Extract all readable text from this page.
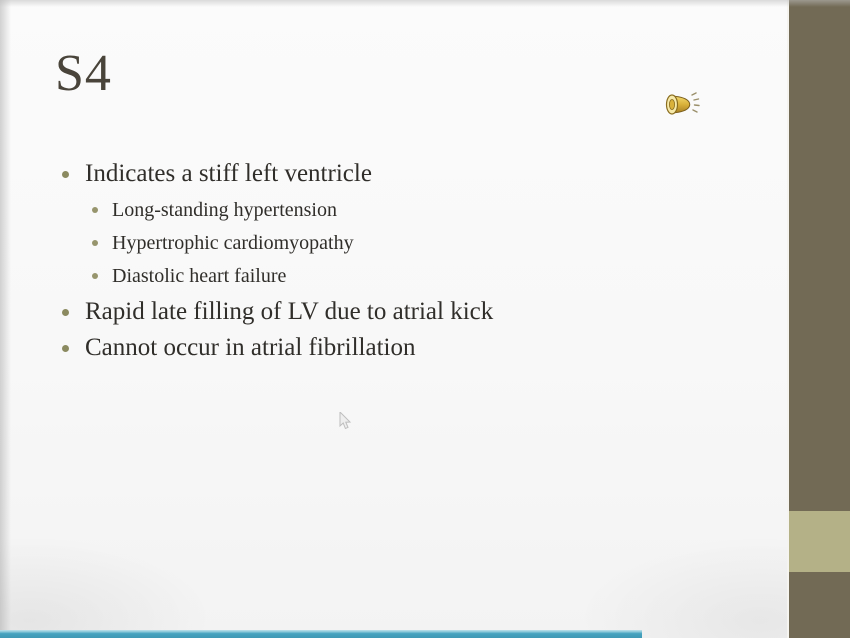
S4
Indicates a stiff left ventricle
Long-standing hypertension
Hypertrophic cardiomyopathy
Diastolic heart failure
Rapid late filling of LV due to atrial kick
Cannot occur in atrial fibrillation
